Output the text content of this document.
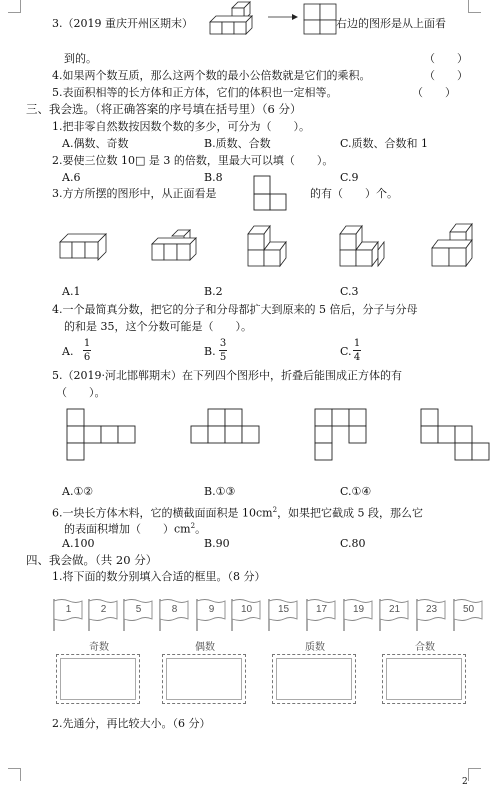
3.（2019 重庆开州区期末）	右边的图形是从上面看
到的。	（　　）
4.如果两个数互质，那么这两个数的最小公倍数就是它们的乘积。	（　　）
5.表面积相等的长方体和正方体，它们的体积也一定相等。	（　　）
三、我会选。（将正确答案的序号填在括号里）（6 分）
1.把非零自然数按因数个数的多少，可分为（　　）。
A.偶数、奇数	B.质数、合数	C.质数、合数和 1
2.要使三位数 10□ 是 3 的倍数，里最大可以填（　　）。
A.6	B.8	C.9
3.方方所摆的图形中，从正面看是	的有（　　）个。
A.1	B.2	C.3
4.一个最简真分数，把它的分子和分母都扩大到原来的 5 倍后，分子与分母
的和是 35，这个分数可能是（　　）。
A.
1
6	B.
3
5	C.
1
4
5.（2019·河北邯郸期末）在下列四个图形中，折叠后能围成正方体的有
（　　）。
A.①②	B.①③	C.①④
6.一块长方体木料，它的横截面面积是 $10cm^2$，如果把它截成 5 段，那么它
的表面积增加（　　）$cm^2$。
A.100	B.90	C.80
四、我会做。（共 20 分）
1.将下面的数分别填入合适的框里。（8 分）
1	2	5	8	9	10	15	17	19	21	23	50
奇数	偶数	质数	合数
2.先通分，再比较大小。（6 分）
2
